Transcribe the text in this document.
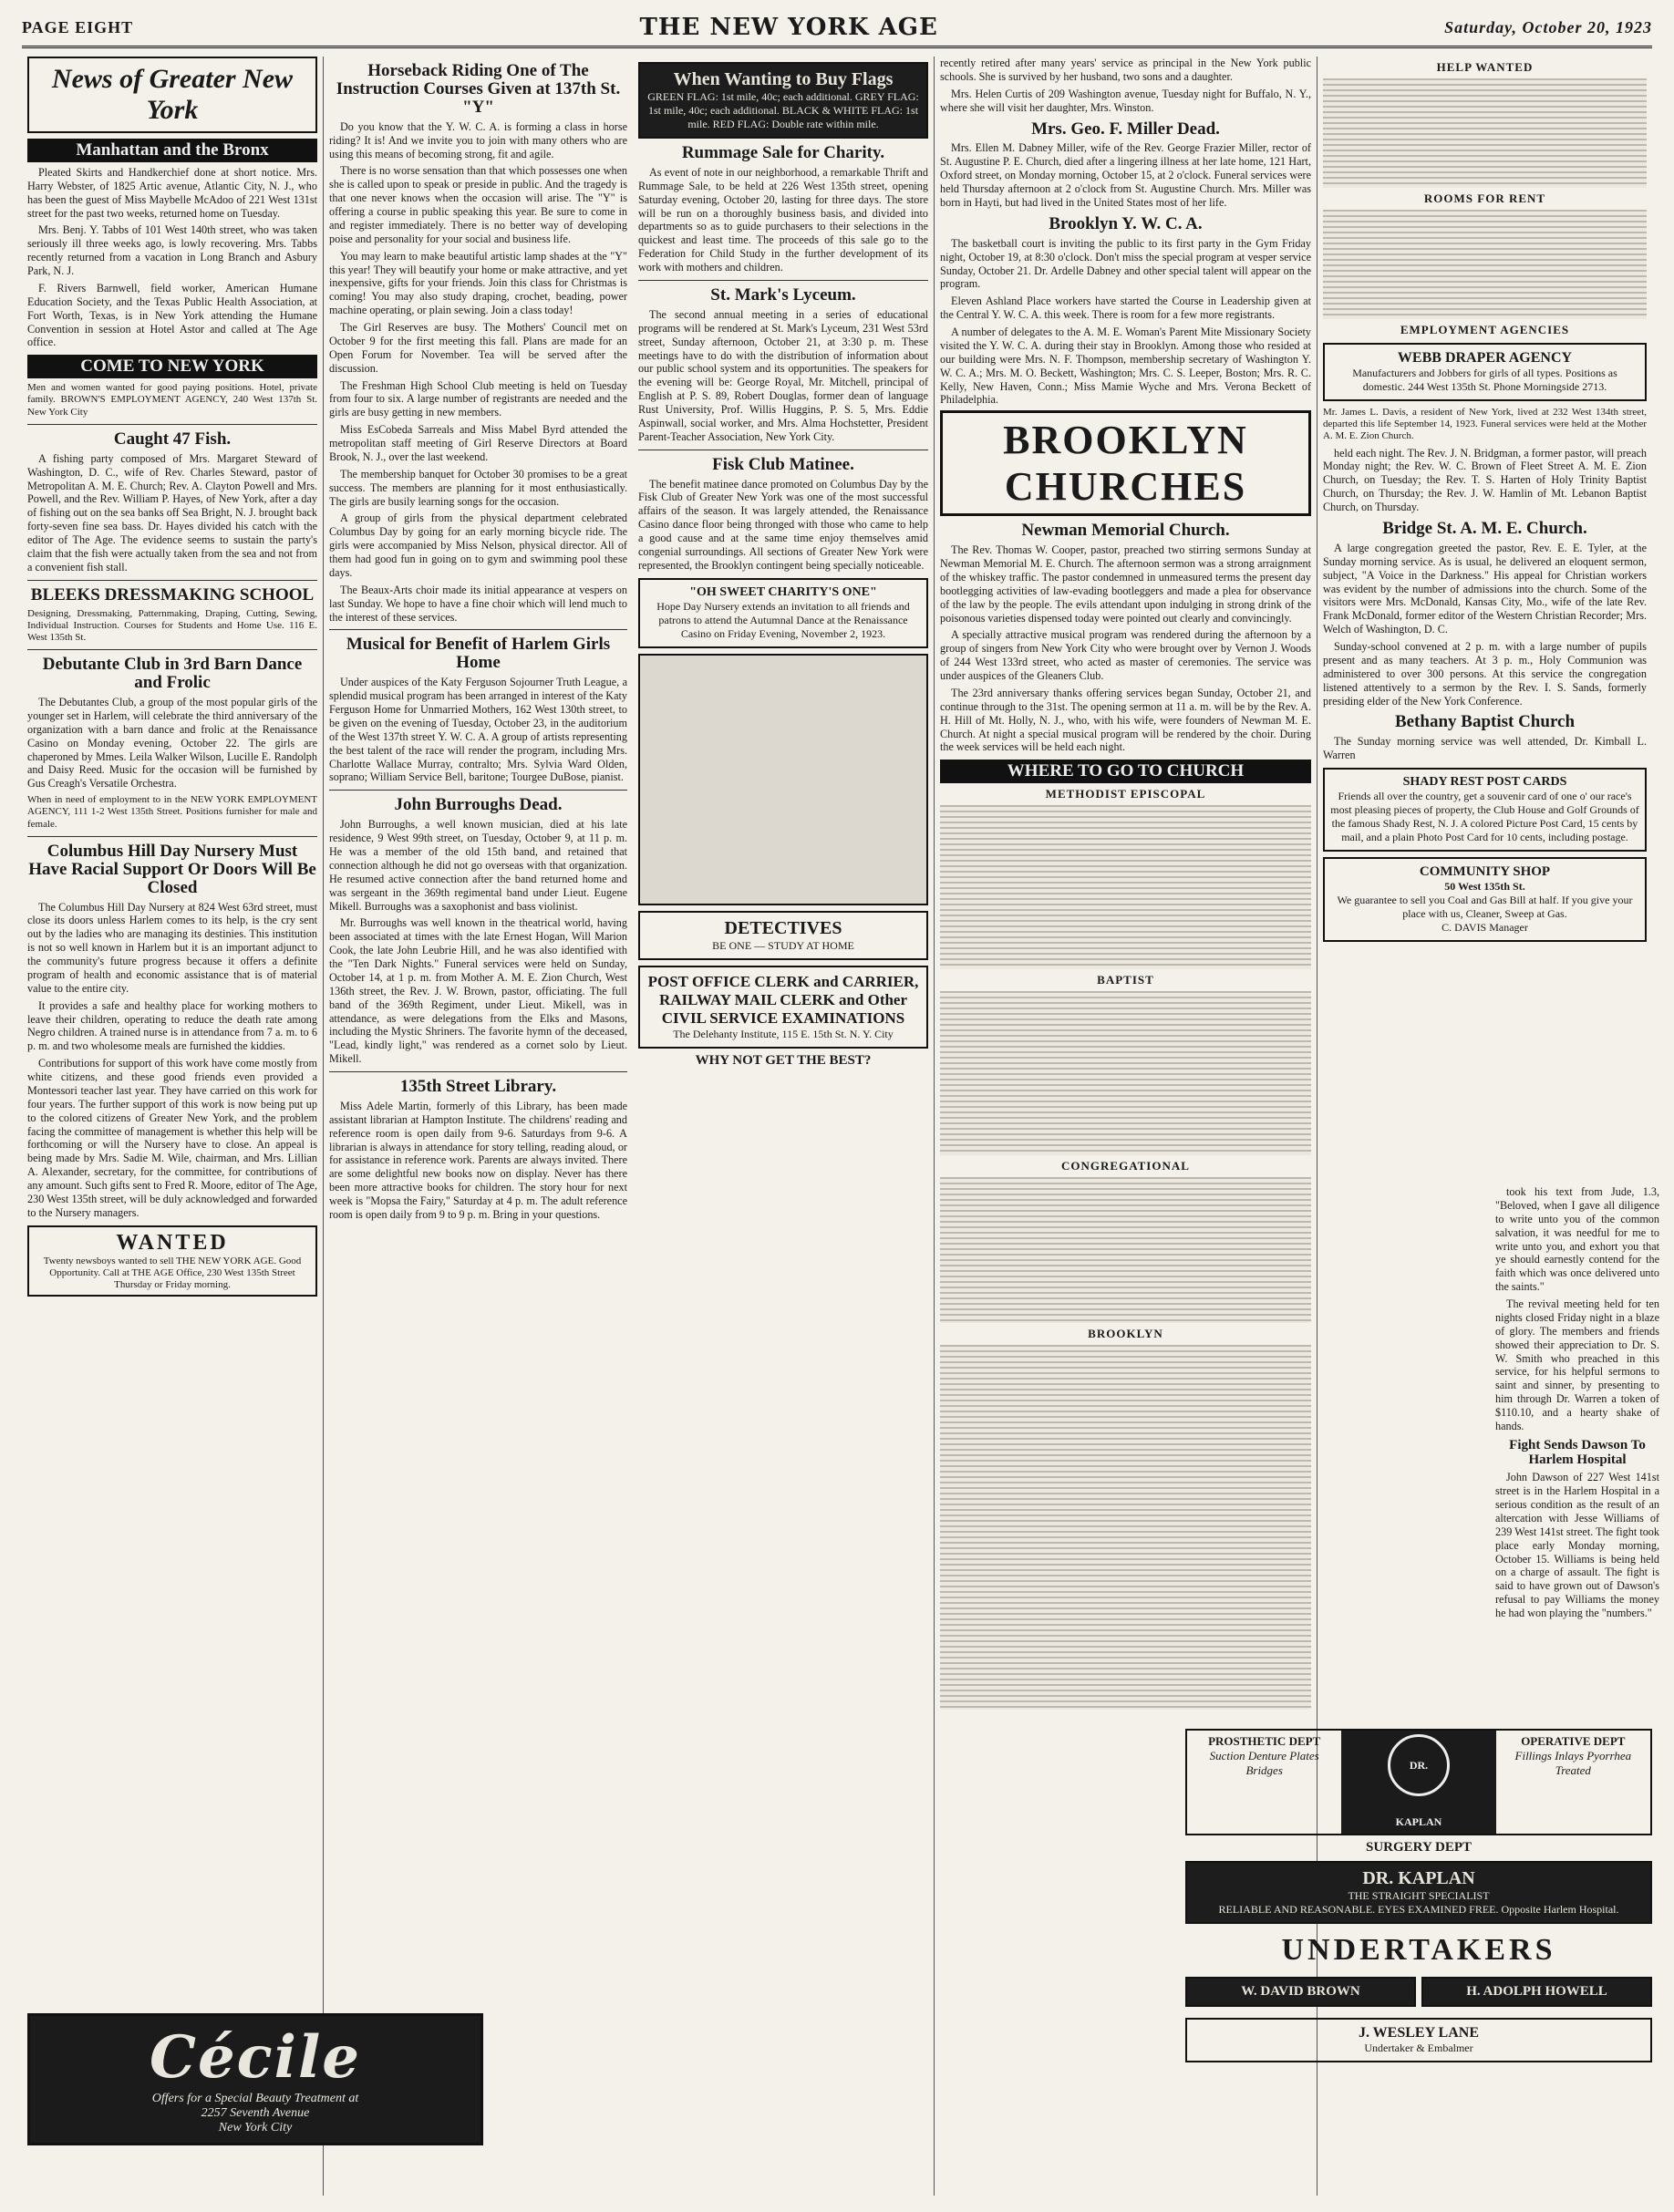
PAGE EIGHT	THE NEW YORK AGE	Saturday, October 20, 1923
News of Greater New York
Manhattan and the Bronx

Pleated Skirts and Handkerchief done at short notice. Mrs. Harry Webster, of 1825 Artic avenue, Atlantic City, N. J., who has been the guest of Miss Maybelle McAdoo of 221 West 131st street for the past two weeks, returned home on Tuesday.

Mrs. Benj. Y. Tabbs of 101 West 140th street, who was taken seriously ill three weeks ago, is lowly recovering. Mrs. Tabbs recently returned from a vacation in Long Branch and Asbury Park, N. J.

F. Rivers Barnwell, field worker, American Humane Education Society, and the Texas Public Health Association, at Fort Worth, Texas, is in New York attending the Humane Convention in session at Hotel Astor and called at The Age office.

COME TO NEW YORK

Men and women wanted for good paying positions. Hotel, private family. BROWN'S EMPLOYMENT AGENCY, 240 West 137th St. New York City

Caught 47 Fish.

A fishing party composed of Mrs. Margaret Steward of Washington, D. C., wife of Rev. Charles Steward, pastor of Metropolitan A. M. E. Church; Rev. A. Clayton Powell and Mrs. Powell, and the Rev. William P. Hayes, of New York, after a day of fishing out on the sea banks off Sea Bright, N. J. brought back forty-seven fine sea bass. Dr. Hayes divided his catch with the editor of The Age. The evidence seems to sustain the party's claim that the fish were actually taken from the sea and not from a convenient fish stall.

BLEEKS DRESSMAKING SCHOOL

Designing, Dressmaking, Patternmaking, Draping, Cutting, Sewing, Individual Instruction. Courses for Students and Home Use. 116 E. West 135th St.

Debutante Club in 3rd Barn Dance and Frolic

The Debutantes Club, a group of the most popular girls of the younger set in Harlem, will celebrate the third anniversary of the organization with a barn dance and frolic at the Renaissance Casino on Monday evening, October 22. The girls are chaperoned by Mmes. Leila Walker Wilson, Lucille E. Randolph and Daisy Reed. Music for the occasion will be furnished by Gus Creagh's Versatile Orchestra.

When in need of employment to in the NEW YORK EMPLOYMENT AGENCY, 111 1-2 West 135th Street. Positions furnisher for male and female.

Columbus Hill Day Nursery Must Have Racial Support Or Doors Will Be Closed

The Columbus Hill Day Nursery at 824 West 63rd street, must close its doors unless Harlem comes to its help, is the cry sent out by the ladies who are managing its destinies. This institution is not so well known in Harlem but it is an important adjunct to the community's future progress because it offers a definite program of health and economic assistance that is of material value to the entire city.

It provides a safe and healthy place for working mothers to leave their children, operating to reduce the death rate among Negro children. A trained nurse is in attendance from 7 a. m. to 6 p. m. and two wholesome meals are furnished the kiddies.

Contributions for support of this work have come mostly from white citizens, and these good friends even provided a Montessori teacher last year. They have carried on this work for four years. The further support of this work is now being put up to the colored citizens of Greater New York, and the problem facing the committee of management is whether this help will be forthcoming or will the Nursery have to close. An appeal is being made by Mrs. Sadie M. Wile, chairman, and Mrs. Lillian A. Alexander, secretary, for the committee, for contributions of any amount. Such gifts sent to Fred R. Moore, editor of The Age, 230 West 135th street, will be duly acknowledged and forwarded to the Nursery managers.

WANTED
Twenty newsboys wanted to sell THE NEW YORK AGE. Good Opportunity. Call at THE AGE Office, 230 West 135th Street Thursday or Friday morning.
Horseback Riding One of The Instruction Courses Given at 137th St. "Y"

Do you know that the Y. W. C. A. is forming a class in horse riding? It is! And we invite you to join with many others who are using this means of becoming strong, fit and agile.

There is no worse sensation than that which possesses one when she is called upon to speak or preside in public. And the tragedy is that one never knows when the occasion will arise. The "Y" is offering a course in public speaking this year. Be sure to come in and register immediately. There is no better way of developing poise and personality for your social and business life.

You may learn to make beautiful artistic lamp shades at the "Y" this year! They will beautify your home or make attractive, and yet inexpensive, gifts for your friends. Join this class for Christmas is coming! You may also study draping, crochet, beading, power machine operating, or plain sewing. Join a class today!

The Girl Reserves are busy. The Mothers' Council met on October 9 for the first meeting this fall. Plans are made for an Open Forum for November. Tea will be served after the discussion.

The Freshman High School Club meeting is held on Tuesday from four to six. A large number of registrants are needed and the girls are busy getting in new members.

Miss EsCobeda Sarreals and Miss Mabel Byrd attended the metropolitan staff meeting of Girl Reserve Directors at Board Brook, N. J., over the last weekend.

The membership banquet for October 30 promises to be a great success. The members are planning for it most enthusiastically. The girls are busily learning songs for the occasion.

A group of girls from the physical department celebrated Columbus Day by going for an early morning bicycle ride. The girls were accompanied by Miss Nelson, physical director. All of them had good fun in going on to gym and swimming pool these days.

The Beaux-Arts choir made its initial appearance at vespers on last Sunday. We hope to have a fine choir which will lend much to the interest of these services.

Musical for Benefit of Harlem Girls Home

Under auspices of the Katy Ferguson Sojourner Truth League, a splendid musical program has been arranged in interest of the Katy Ferguson Home for Unmarried Mothers, 162 West 130th street, to be given on the evening of Tuesday, October 23, in the auditorium of the West 137th street Y. W. C. A. A group of artists representing the best talent of the race will render the program, including Mrs. Charlotte Wallace Murray, contralto; Mrs. Sylvia Ward Olden, soprano; William Service Bell, baritone; Tourgee DuBose, pianist.

John Burroughs Dead.

John Burroughs, a well known musician, died at his late residence, 9 West 99th street, on Tuesday, October 9, at 11 p. m. He was a member of the old 15th band, and retained that connection although he did not go overseas with that organization. He resumed active connection after the band returned home and was sergeant in the 369th regimental band under Lieut. Eugene Mikell. Burroughs was a saxophonist and bass violinist.

Mr. Burroughs was well known in the theatrical world, having been associated at times with the late Ernest Hogan, Will Marion Cook, the late John Leubrie Hill, and he was also identified with the "Ten Dark Nights." Funeral services were held on Sunday, October 14, at 1 p. m. from Mother A. M. E. Zion Church, West 136th street, the Rev. J. W. Brown, pastor, officiating. The full band of the 369th Regiment, under Lieut. Mikell, was in attendance, as were delegations from the Elks and Masons, including the Mystic Shriners. The favorite hymn of the deceased, "Lead, kindly light," was rendered as a cornet solo by Lieut. Mikell.

135th Street Library.

Miss Adele Martin, formerly of this Library, has been made assistant librarian at Hampton Institute. The childrens' reading and reference room is open daily from 9-6. Saturdays from 9-6. A librarian is always in attendance for story telling, reading aloud, or for assistance in reference work. Parents are always invited. There are some delightful new books now on display. Never has there been more attractive books for children. The story hour for next week is "Mopsa the Fairy," Saturday at 4 p. m. The adult reference room is open daily from 9 to 9 p. m. Bring in your questions.

Cécile
Offers for a Special Beauty Treatment at
2257 Seventh Avenue
New York City
When Wanting to Buy Flags
GREEN FLAG: 1st mile, 40c; each additional. GREY FLAG: 1st mile, 40c; each additional. BLACK & WHITE FLAG: 1st mile. RED FLAG: Double rate within mile.
Rummage Sale for Charity.

As event of note in our neighborhood, a remarkable Thrift and Rummage Sale, to be held at 226 West 135th street, opening Saturday evening, October 20, lasting for three days. The store will be run on a thoroughly business basis, and divided into departments so as to guide purchasers to their selections in the quickest and least time. The proceeds of this sale go to the Federation for Child Study in the further development of its work with mothers and children.

St. Mark's Lyceum.

The second annual meeting in a series of educational programs will be rendered at St. Mark's Lyceum, 231 West 53rd street, Sunday afternoon, October 21, at 3:30 p. m. These meetings have to do with the distribution of information about our public school system and its opportunities. The speakers for the evening will be: George Royal, Mr. Mitchell, principal of English at P. S. 89, Robert Douglas, former dean of language Rust University, Prof. Willis Huggins, P. S. 5, Mrs. Eddie Aspinwall, social worker, and Mrs. Alma Hochstetter, President Parent-Teacher Association, New York City.

Fisk Club Matinee.

The benefit matinee dance promoted on Columbus Day by the Fisk Club of Greater New York was one of the most successful affairs of the season. It was largely attended, the Renaissance Casino dance floor being thronged with those who came to help a good cause and at the same time enjoy themselves amid congenial surroundings. All sections of Greater New York were represented, the Brooklyn contingent being specially noticeable.

"OH SWEET CHARITY'S ONE"
Hope Day Nursery extends an invitation to all friends and patrons to attend the Autumnal Dance at the Renaissance Casino on Friday Evening, November 2, 1923.
DETECTIVES
BE ONE — STUDY AT HOME
POST OFFICE CLERK and CARRIER, RAILWAY MAIL CLERK and Other CIVIL SERVICE EXAMINATIONS
The Delehanty Institute, 115 E. 15th St. N. Y. City
WHY NOT GET THE BEST?

recently retired after many years' service as principal in the New York public schools. She is survived by her husband, two sons and a daughter.

Mrs. Helen Curtis of 209 Washington avenue, Tuesday night for Buffalo, N. Y., where she will visit her daughter, Mrs. Winston.

Mrs. Geo. F. Miller Dead.

Mrs. Ellen M. Dabney Miller, wife of the Rev. George Frazier Miller, rector of St. Augustine P. E. Church, died after a lingering illness at her late home, 121 Hart, Oxford street, on Monday morning, October 15, at 2 o'clock. Funeral services were held Thursday afternoon at 2 o'clock from St. Augustine Church. Mrs. Miller was born in Hayti, but had lived in the United States most of her life.

Brooklyn Y. W. C. A.

The basketball court is inviting the public to its first party in the Gym Friday night, October 19, at 8:30 o'clock. Don't miss the special program at vesper service Sunday, October 21. Dr. Ardelle Dabney and other special talent will appear on the program.

Eleven Ashland Place workers have started the Course in Leadership given at the Central Y. W. C. A. this week. There is room for a few more registrants.

A number of delegates to the A. M. E. Woman's Parent Mite Missionary Society visited the Y. W. C. A. during their stay in Brooklyn. Among those who resided at our building were Mrs. N. F. Thompson, membership secretary of Washington Y. W. C. A.; Mrs. M. O. Beckett, Washington; Mrs. C. S. Leeper, Boston; Mrs. R. C. Kelly, New Haven, Conn.; Miss Mamie Wyche and Mrs. Verona Beckett of Philadelphia.

BROOKLYN CHURCHES
Newman Memorial Church.

The Rev. Thomas W. Cooper, pastor, preached two stirring sermons Sunday at Newman Memorial M. E. Church. The afternoon sermon was a strong arraignment of the whiskey traffic. The pastor condemned in unmeasured terms the present day bootlegging activities of law-evading bootleggers and made a plea for observance of the law by the people. The evils attendant upon indulging in strong drink of the poisonous varieties dispensed today were pointed out clearly and convincingly.

A specially attractive musical program was rendered during the afternoon by a group of singers from New York City who were brought over by Vernon J. Woods of 244 West 133rd street, who acted as master of ceremonies. The service was under auspices of the Gleaners Club.

The 23rd anniversary thanks offering services began Sunday, October 21, and continue through to the 31st. The opening sermon at 11 a. m. will be by the Rev. A. H. Hill of Mt. Holly, N. J., who, with his wife, were founders of Newman M. E. Church. At night a special musical program will be rendered by the choir. During the week services will be held each night.

WHERE TO GO TO CHURCH
METHODIST EPISCOPAL
BAPTIST
CONGREGATIONAL
BROOKLYN
HELP WANTED
ROOMS FOR RENT
EMPLOYMENT AGENCIES
WEBB DRAPER AGENCY
Manufacturers and Jobbers for girls of all types. Positions as domestic. 244 West 135th St. Phone Morningside 2713.

Mr. James L. Davis, a resident of New York, lived at 232 West 134th street, departed this life September 14, 1923. Funeral services were held at the Mother A. M. E. Zion Church.

held each night. The Rev. J. N. Bridgman, a former pastor, will preach Monday night; the Rev. W. C. Brown of Fleet Street A. M. E. Zion Church, on Tuesday; the Rev. T. S. Harten of Holy Trinity Baptist Church, on Thursday; the Rev. J. W. Hamlin of Mt. Lebanon Baptist Church, on Thursday.

Bridge St. A. M. E. Church.

A large congregation greeted the pastor, Rev. E. E. Tyler, at the Sunday morning service. As is usual, he delivered an eloquent sermon, subject, "A Voice in the Darkness." His appeal for Christian workers was evident by the number of admissions into the church. Some of the visitors were Mrs. McDonald, Kansas City, Mo., wife of the late Rev. Frank McDonald, former editor of the Western Christian Recorder; Mrs. Welch of Washington, D. C.

Sunday-school convened at 2 p. m. with a large number of pupils present and as many teachers. At 3 p. m., Holy Communion was administered to over 300 persons. At this service the congregation listened attentively to a sermon by the Rev. I. S. Sands, formerly presiding elder of the New York Conference.

Bethany Baptist Church

The Sunday morning service was well attended, Dr. Kimball L. Warren

SHADY REST POST CARDS
Friends all over the country, get a souvenir card of one o' our race's most pleasing pieces of property, the Club House and Golf Grounds of the famous Shady Rest, N. J. A colored Picture Post Card, 15 cents by mail, and a plain Photo Post Card for 10 cents, including postage.
COMMUNITY SHOP
50 West 135th St.
We guarantee to sell you Coal and Gas Bill at half. If you give your place with us, Cleaner, Sweep at Gas.
C. DAVIS Manager

took his text from Jude, 1.3, "Beloved, when I gave all diligence to write unto you of the common salvation, it was needful for me to write unto you, and exhort you that ye should earnestly contend for the faith which was once delivered unto the saints."

The revival meeting held for ten nights closed Friday night in a blaze of glory. The members and friends showed their appreciation to Dr. S. W. Smith who preached in this service, for his helpful sermons to saint and sinner, by presenting to him through Dr. Warren a token of $110.10, and a hearty shake of hands.

Fight Sends Dawson To Harlem Hospital

John Dawson of 227 West 141st street is in the Harlem Hospital in a serious condition as the result of an altercation with Jesse Williams of 239 West 141st street. The fight took place early Monday morning, October 15. Williams is being held on a charge of assault. The fight is said to have grown out of Dawson's refusal to pay Williams the money he had won playing the "numbers."

PROSTHETIC DEPT
Suction Denture Plates Bridges	DR. KAPLAN
OPERATIVE DEPT
Fillings Inlays Pyorrhea Treated
SURGERY DEPT
DR. KAPLAN
THE STRAIGHT SPECIALIST
RELIABLE AND REASONABLE. EYES EXAMINED FREE. Opposite Harlem Hospital.
UNDERTAKERS
W. DAVID BROWN	H. ADOLPH HOWELL
J. WESLEY LANE
Undertaker & Embalmer
